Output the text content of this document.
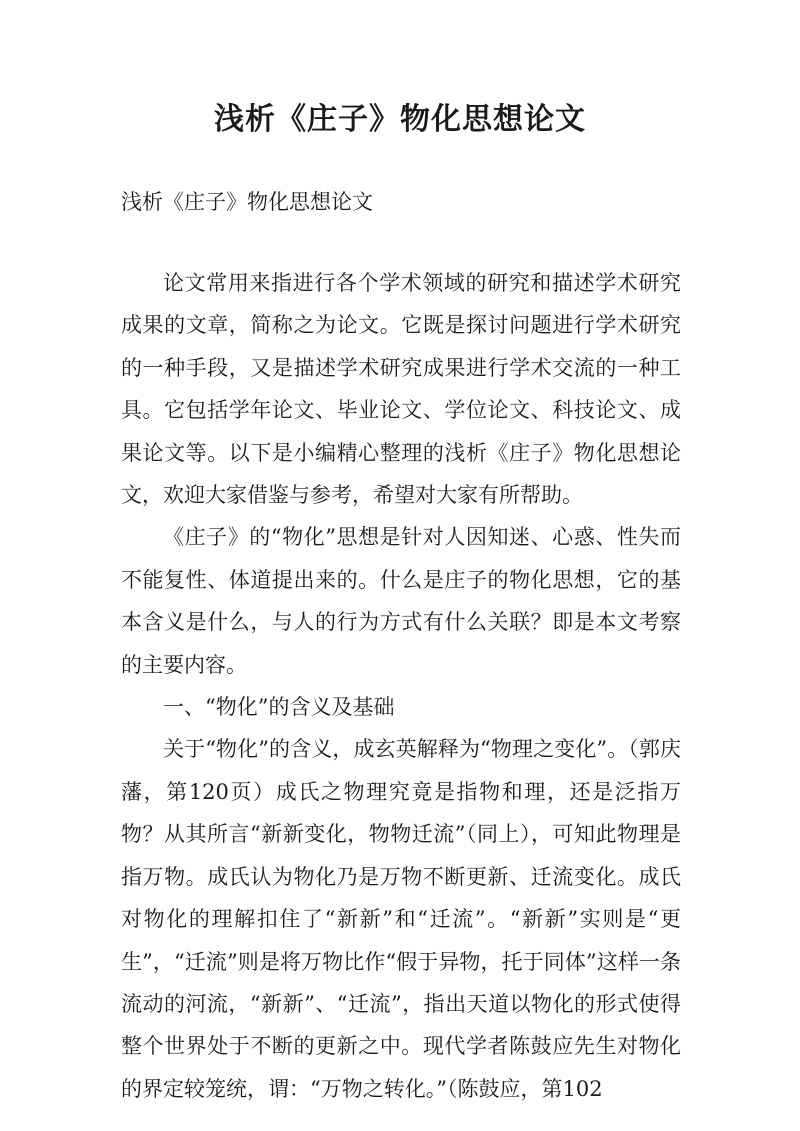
浅析《庄子》物化思想论文

浅析《庄子》物化思想论文

论文常用来指进行各个学术领域的研究和描述学术研究成果的文章，简称之为论文。它既是探讨问题进行学术研究的一种手段，又是描述学术研究成果进行学术交流的一种工具。它包括学年论文、毕业论文、学位论文、科技论文、成果论文等。以下是小编精心整理的浅析《庄子》物化思想论文，欢迎大家借鉴与参考，希望对大家有所帮助。

《庄子》的“物化”思想是针对人因知迷、心惑、性失而不能复性、体道提出来的。什么是庄子的物化思想，它的基本含义是什么，与人的行为方式有什么关联？即是本文考察的主要内容。

一、“物化”的含义及基础

关于“物化”的含义，成玄英解释为“物理之变化”。（郭庆藩，第120页）成氏之物理究竟是指物和理，还是泛指万物？从其所言“新新变化，物物迁流”（同上），可知此物理是指万物。成氏认为物化乃是万物不断更新、迁流变化。成氏对物化的理解扣住了“新新”和“迁流”。“新新”实则是“更生”，“迁流”则是将万物比作“假于异物，托于同体”这样一条流动的河流，“新新”、“迁流”，指出天道以物化的形式使得整个世界处于不断的更新之中。现代学者陈鼓应先生对物化的界定较笼统，谓：“万物之转化。”（陈鼓应，第102
